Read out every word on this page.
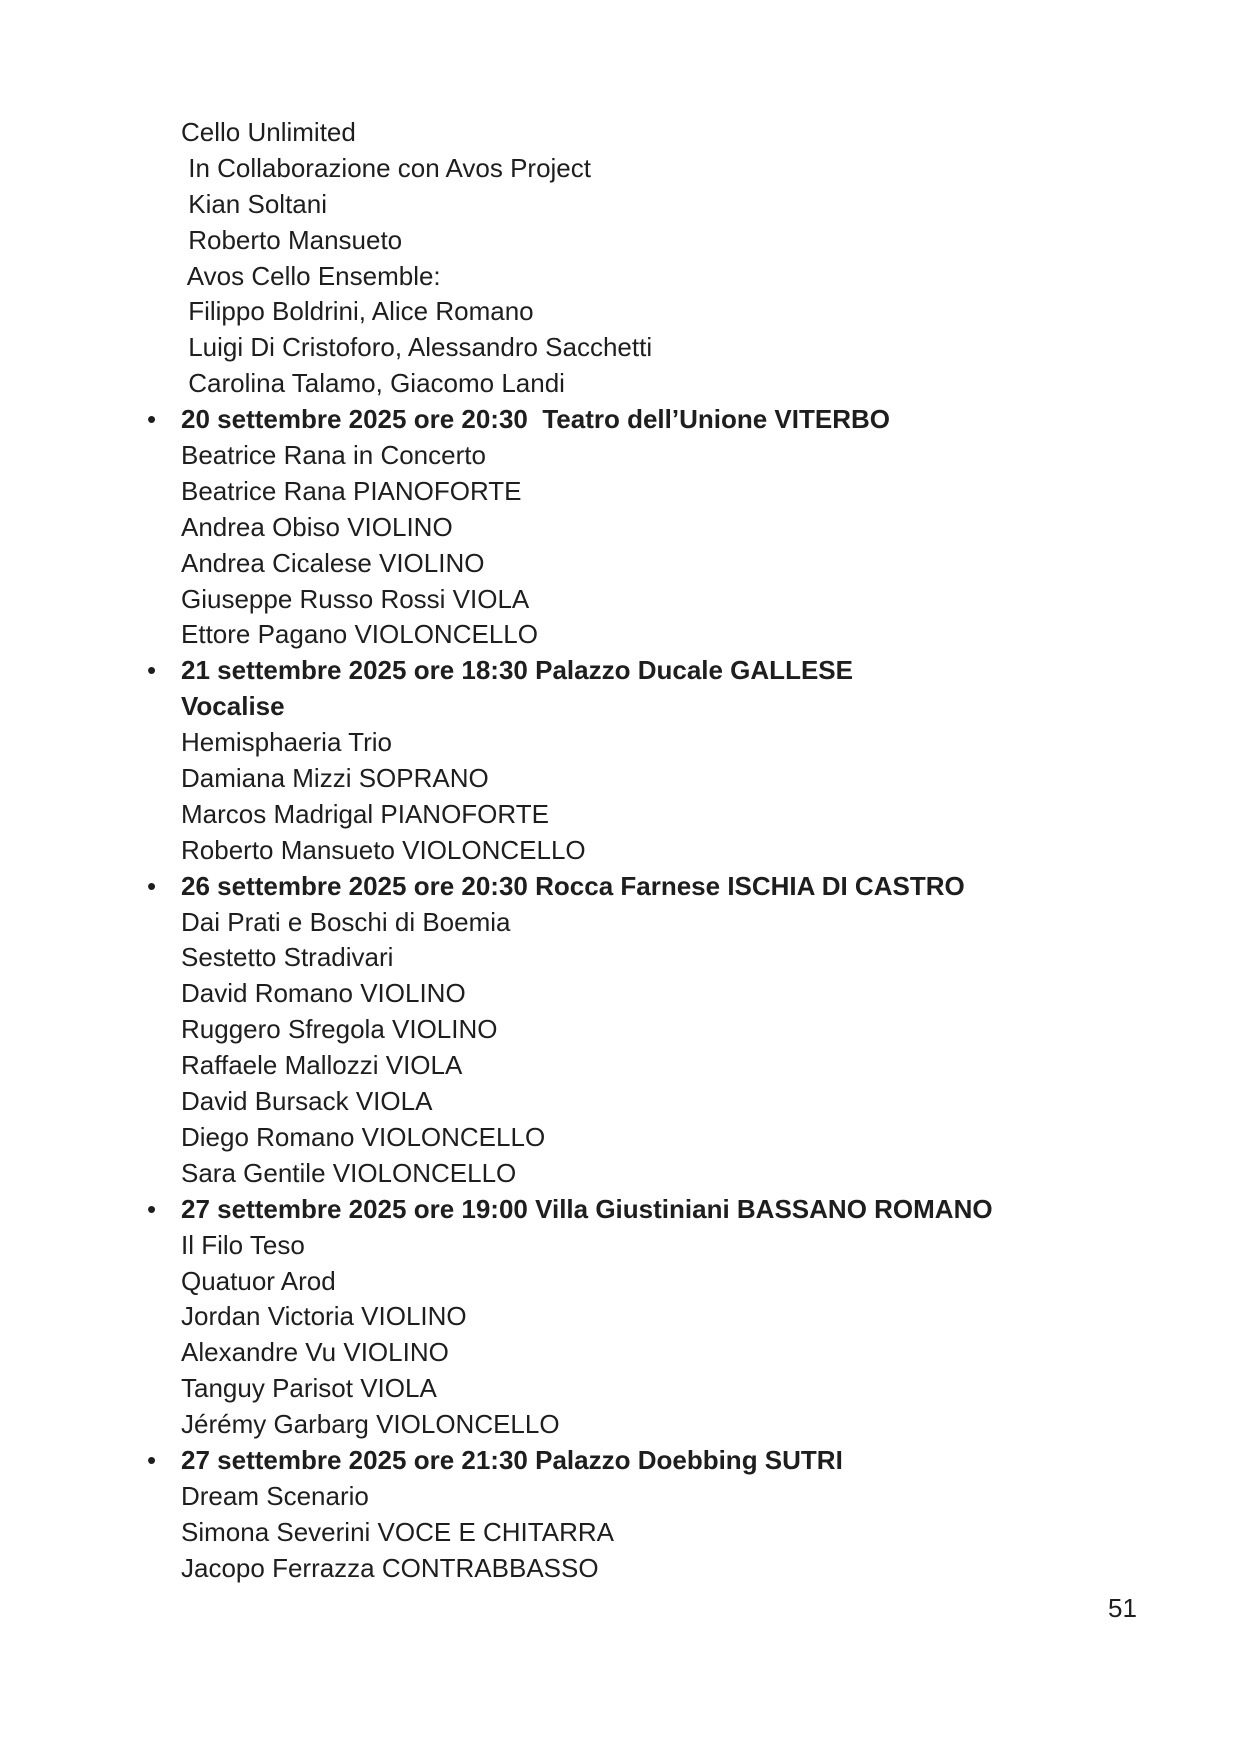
Cello Unlimited
In Collaborazione con Avos Project
Kian Soltani
Roberto Mansueto
Avos Cello Ensemble:
Filippo Boldrini, Alice Romano
Luigi Di Cristoforo, Alessandro Sacchetti
Carolina Talamo, Giacomo Landi
• 20 settembre 2025 ore 20:30  Teatro dell’Unione VITERBO
Beatrice Rana in Concerto
Beatrice Rana PIANOFORTE
Andrea Obiso VIOLINO
Andrea Cicalese VIOLINO
Giuseppe Russo Rossi VIOLA
Ettore Pagano VIOLONCELLO
• 21 settembre 2025 ore 18:30 Palazzo Ducale GALLESE
Vocalise
Hemisphaeria Trio
Damiana Mizzi SOPRANO
Marcos Madrigal PIANOFORTE
Roberto Mansueto VIOLONCELLO
• 26 settembre 2025 ore 20:30 Rocca Farnese ISCHIA DI CASTRO
Dai Prati e Boschi di Boemia
Sestetto Stradivari
David Romano VIOLINO
Ruggero Sfregola VIOLINO
Raffaele Mallozzi VIOLA
David Bursack VIOLA
Diego Romano VIOLONCELLO
Sara Gentile VIOLONCELLO
• 27 settembre 2025 ore 19:00 Villa Giustiniani BASSANO ROMANO
Il Filo Teso
Quatuor Arod
Jordan Victoria VIOLINO
Alexandre Vu VIOLINO
Tanguy Parisot VIOLA
Jérémy Garbarg VIOLONCELLO
• 27 settembre 2025 ore 21:30 Palazzo Doebbing SUTRI
Dream Scenario
Simona Severini VOCE E CHITARRA
Jacopo Ferrazza CONTRABBASSO
51
